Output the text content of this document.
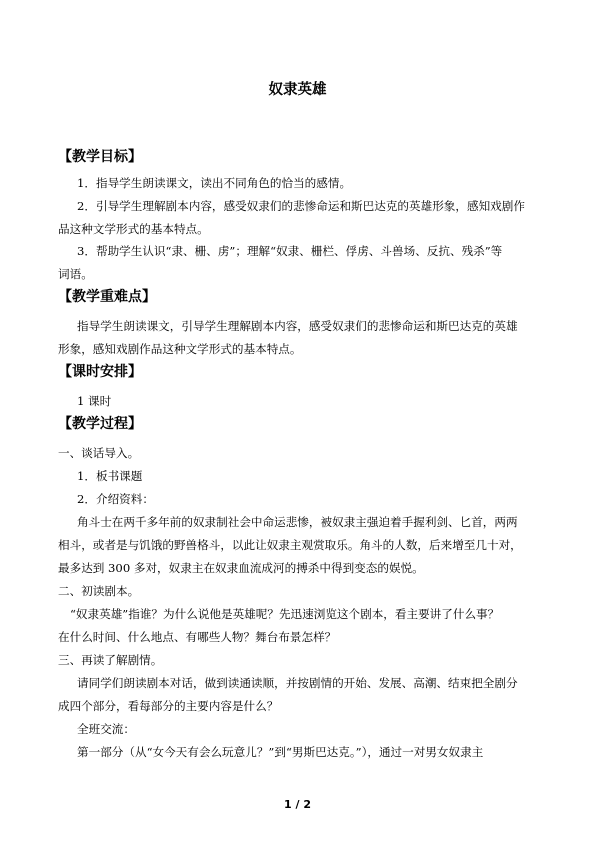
奴隶英雄
【教学目标】
1．指导学生朗读课文，读出不同角色的恰当的感情。
2．引导学生理解剧本内容，感受奴隶们的悲惨命运和斯巴达克的英雄形象，感知戏剧作
品这种文学形式的基本特点。
3．帮助学生认识“隶、栅、虏”；理解“奴隶、栅栏、俘虏、斗兽场、反抗、残杀”等
词语。
【教学重难点】
指导学生朗读课文，引导学生理解剧本内容，感受奴隶们的悲惨命运和斯巴达克的英雄
形象，感知戏剧作品这种文学形式的基本特点。
【课时安排】
1 课时
【教学过程】
一、谈话导入。
1．板书课题
2．介绍资料：
角斗士在两千多年前的奴隶制社会中命运悲惨，被奴隶主强迫着手握利剑、匕首，两两
相斗，或者是与饥饿的野兽格斗，以此让奴隶主观赏取乐。角斗的人数，后来增至几十对，
最多达到 300 多对，奴隶主在奴隶血流成河的搏杀中得到变态的娱悦。
二、初读剧本。
“奴隶英雄”指谁？为什么说他是英雄呢？先迅速浏览这个剧本，看主要讲了什么事？
在什么时间、什么地点、有哪些人物？舞台布景怎样？
三、再读了解剧情。
请同学们朗读剧本对话，做到读通读顺，并按剧情的开始、发展、高潮、结束把全剧分
成四个部分，看每部分的主要内容是什么？
全班交流：
第一部分（从“女今天有会么玩意儿？”到“男斯巴达克。”），通过一对男女奴隶主
1 / 2
